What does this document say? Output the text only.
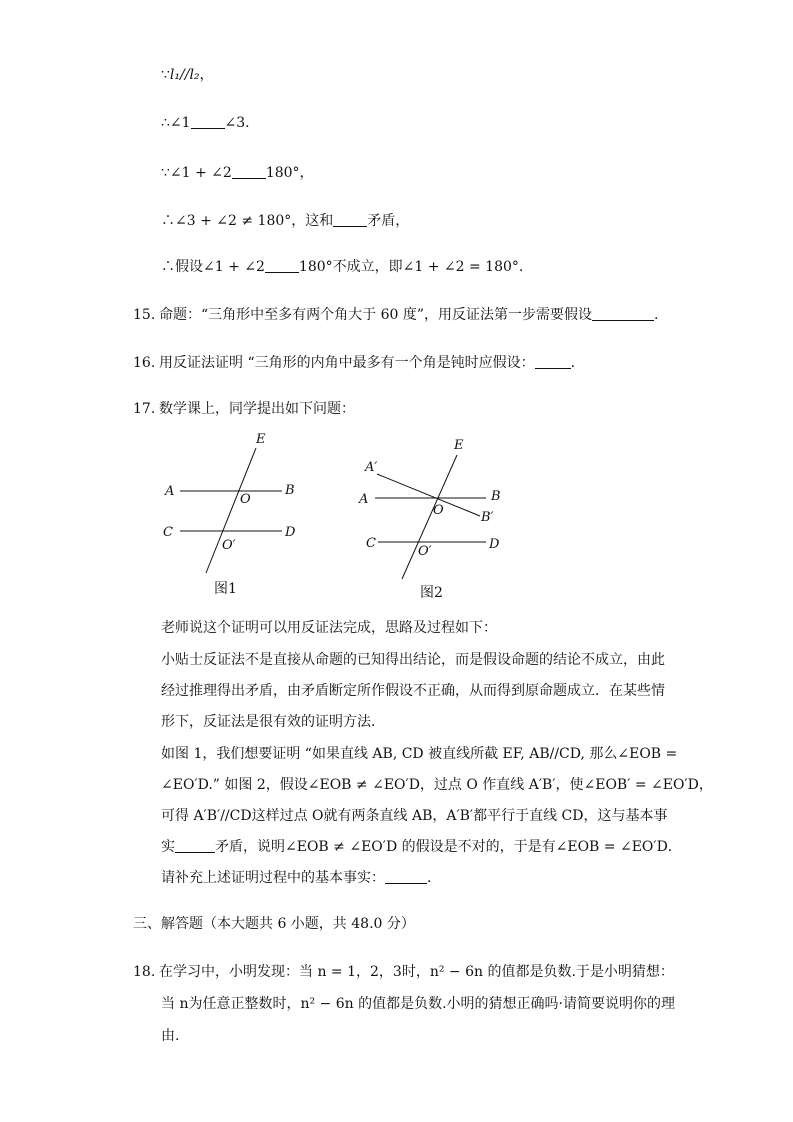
∵l₁//l₂，
∴∠1 ∠3.
∵∠1 + ∠2 180°，
∴∠3 + ∠2 ≠ 180°，这和 矛盾，
∴假设∠1 + ∠2 180°不成立，即∠1 + ∠2 = 180°.
15. 命题：“三角形中至多有两个角大于 60 度”，用反证法第一步需要假设	.
16. 用反证法证明 “三角形的内角中最多有一个角是钝时应假设：	.
17. 数学课上，同学提出如下问题：
E
A	B
O
C	D
O′
图1
E
A′
A	B
O	B′
C	D
O′
图2
老师说这个证明可以用反证法完成，思路及过程如下：
小贴士反证法不是直接从命题的已知得出结论，而是假设命题的结论不成立，由此
经过推理得出矛盾，由矛盾断定所作假设不正确，从而得到原命题成立．在某些情
形下，反证法是很有效的证明方法．
如图 1，我们想要证明 “如果直线 AB, CD 被直线所截 EF, AB//CD, 那么∠EOB =
∠EO′D.” 如图 2，假设∠EOB ≠ ∠EO′D，过点 O 作直线 A′B′，使∠EOB′ = ∠EO′D，
可得 A′B′//CD这样过点 O就有两条直线 AB，A′B′都平行于直线 CD，这与基本事
实	矛盾，说明∠EOB ≠ ∠EO′D 的假设是不对的，于是有∠EOB = ∠EO′D．
请补充上述证明过程中的基本事实：	.
三、解答题（本大题共 6 小题，共 48.0 分）
18. 在学习中，小明发现：当 n = 1，2，3时，n² − 6n 的值都是负数.于是小明猜想：
当 n为任意正整数时，n² − 6n 的值都是负数.小明的猜想正确吗·请简要说明你的理
由.
